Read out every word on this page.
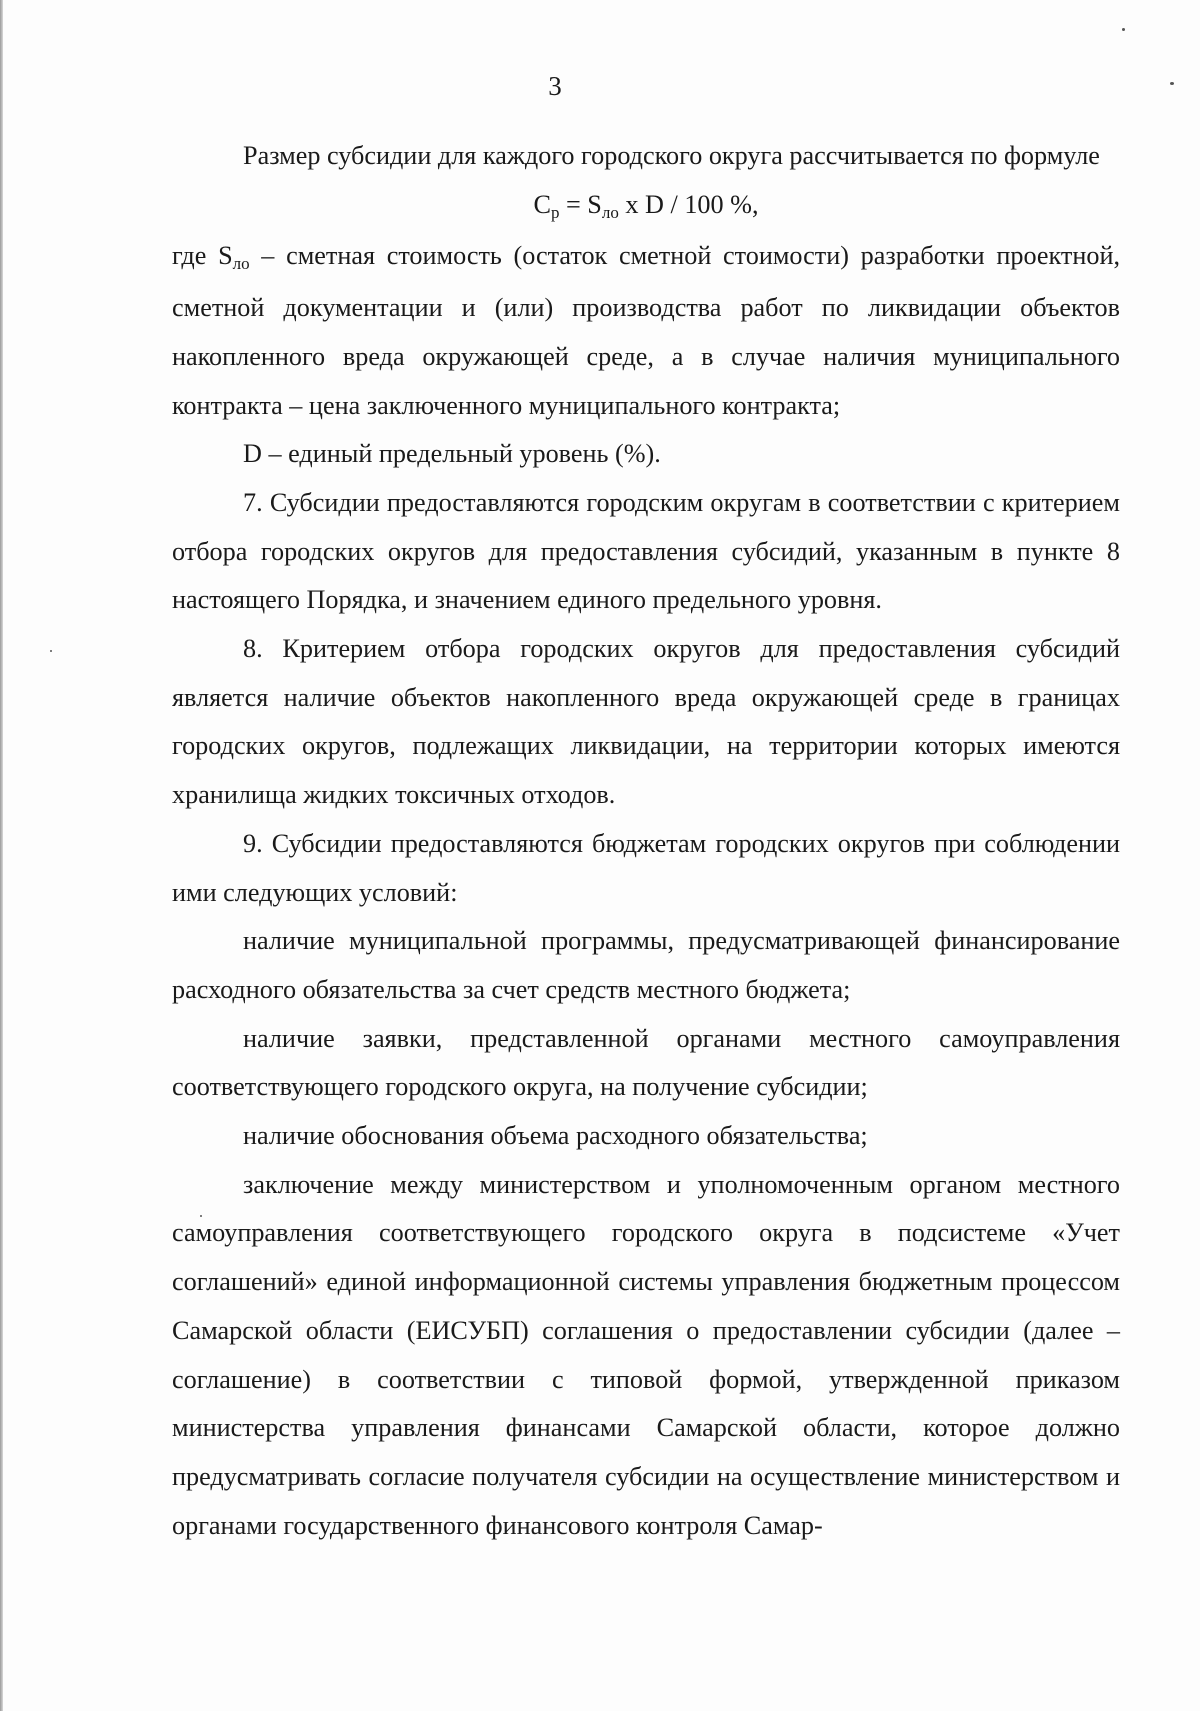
3

Размер субсидии для каждого городского округа рассчитывается по формуле

Cр = Sло x D / 100 %,

где Sло – сметная стоимость (остаток сметной стоимости) разработки проектной, сметной документации и (или) производства работ по ликвидации объектов накопленного вреда окружающей среде, а в случае наличия муниципального контракта – цена заключенного муниципального контракта;

D – единый предельный уровень (%).

7. Субсидии предоставляются городским округам в соответствии с критерием отбора городских округов для предоставления субсидий, указанным в пункте 8 настоящего Порядка, и значением единого предельного уровня.

8. Критерием отбора городских округов для предоставления субсидий является наличие объектов накопленного вреда окружающей среде в границах городских округов, подлежащих ликвидации, на территории которых имеются хранилища жидких токсичных отходов.

9. Субсидии предоставляются бюджетам городских округов при соблюдении ими следующих условий:

наличие муниципальной программы, предусматривающей финансирование расходного обязательства за счет средств местного бюджета;

наличие заявки, представленной органами местного самоуправления соответствующего городского округа, на получение субсидии;

наличие обоснования объема расходного обязательства;

заключение между министерством и уполномоченным органом местного самоуправления соответствующего городского округа в подсистеме «Учет соглашений» единой информационной системы управления бюджетным процессом Самарской области (ЕИСУБП) соглашения о предоставлении субсидии (далее – соглашение) в соответствии с типовой формой, утвержденной приказом министерства управления финансами Самарской области, которое должно предусматривать согласие получателя субсидии на осуществление министерством и органами государственного финансового контроля Самар-
